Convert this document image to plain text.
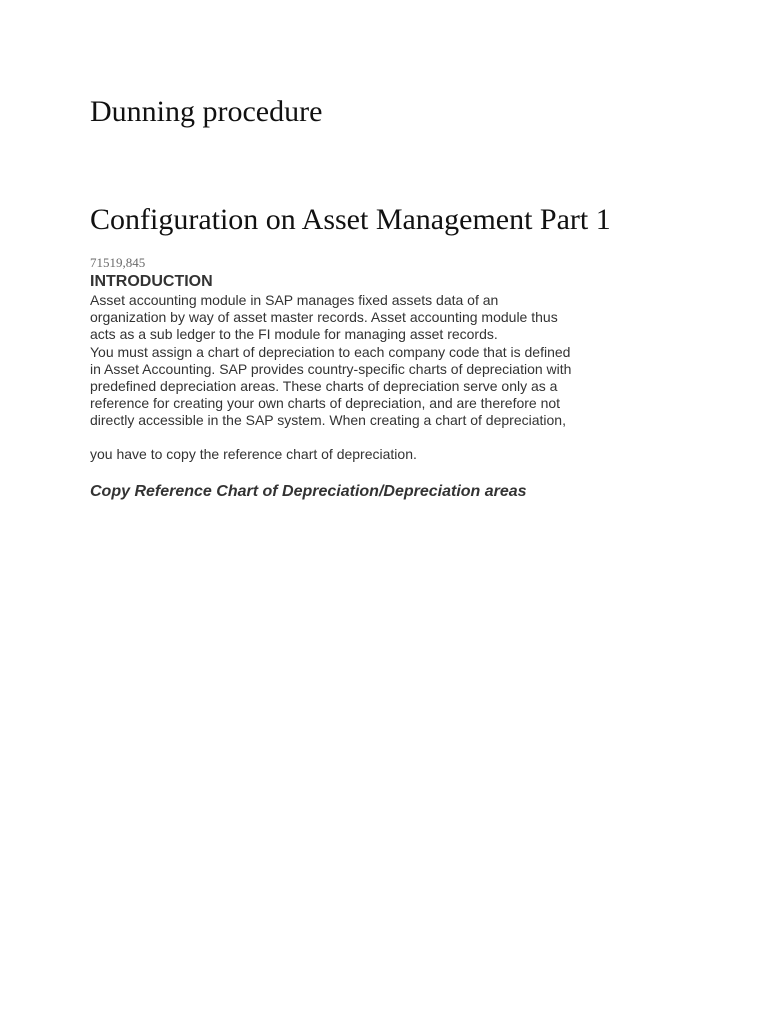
Dunning procedure
Configuration on Asset Management Part 1
71519,845
INTRODUCTION
Asset accounting module in SAP manages fixed assets data of an
organization by way of asset master records. Asset accounting module thus
acts as a sub ledger to the FI module for managing asset records.
You must assign a chart of depreciation to each company code that is defined
in Asset Accounting. SAP provides country-specific charts of depreciation with
predefined depreciation areas. These charts of depreciation serve only as a
reference for creating your own charts of depreciation, and are therefore not
directly accessible in the SAP system. When creating a chart of depreciation,
you have to copy the reference chart of depreciation.
Copy Reference Chart of Depreciation/Depreciation areas
